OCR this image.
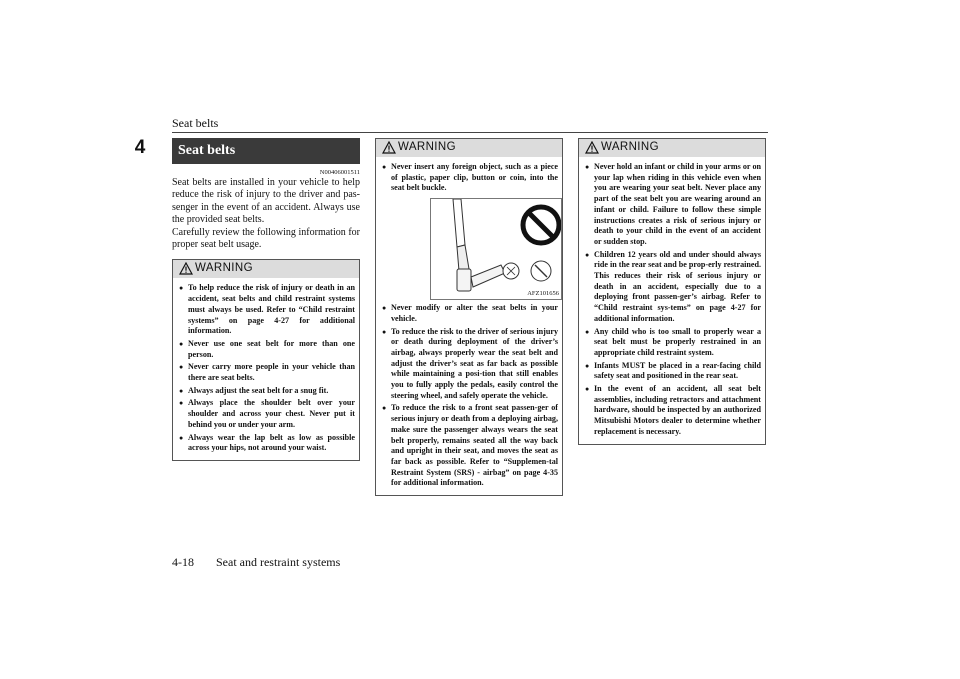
Seat belts
4	Seat belts
N00406001511
Seat belts are installed in your vehicle to help reduce the risk of injury to the driver and pas-senger in the event of an accident. Always use the provided seat belts.
Carefully review the following information for proper seat belt usage.
WARNING
● To help reduce the risk of injury or death in an accident, seat belts and child restraint systems must always be used. Refer to “Child restraint systems” on page 4-27 for additional information.
● Never use one seat belt for more than one person.
● Never carry more people in your vehicle than there are seat belts.
● Always adjust the seat belt for a snug fit.
● Always place the shoulder belt over your shoulder and across your chest. Never put it behind you or under your arm.
● Always wear the lap belt as low as possible across your hips, not around your waist.
WARNING
● Never insert any foreign object, such as a piece of plastic, paper clip, button or coin, into the seat belt buckle.
AFZ101656
● Never modify or alter the seat belts in your vehicle.
● To reduce the risk to the driver of serious injury or death during deployment of the driver’s airbag, always properly wear the seat belt and adjust the driver’s seat as far back as possible while maintaining a posi-tion that still enables you to fully apply the pedals, easily control the steering wheel, and safely operate the vehicle.
● To reduce the risk to a front seat passen-ger of serious injury or death from a deploying airbag, make sure the passenger always wears the seat belt properly, remains seated all the way back and upright in their seat, and moves the seat as far back as possible. Refer to “Supplemen-tal Restraint System (SRS) - airbag” on page 4-35 for additional information.
WARNING
● Never hold an infant or child in your arms or on your lap when riding in this vehicle even when you are wearing your seat belt. Never place any part of the seat belt you are wearing around an infant or child. Failure to follow these simple instructions creates a risk of serious injury or death to your child in the event of an accident or sudden stop.
● Children 12 years old and under should always ride in the rear seat and be prop-erly restrained. This reduces their risk of serious injury or death in an accident, especially due to a deploying front passen-ger’s airbag. Refer to “Child restraint sys-tems” on page 4-27 for additional information.
● Any child who is too small to properly wear a seat belt must be properly restrained in an appropriate child restraint system.
● Infants MUST be placed in a rear-facing child safety seat and positioned in the rear seat.
● In the event of an accident, all seat belt assemblies, including retractors and attachment hardware, should be inspected by an authorized Mitsubishi Motors dealer to determine whether replacement is necessary.
4-18 Seat and restraint systems
